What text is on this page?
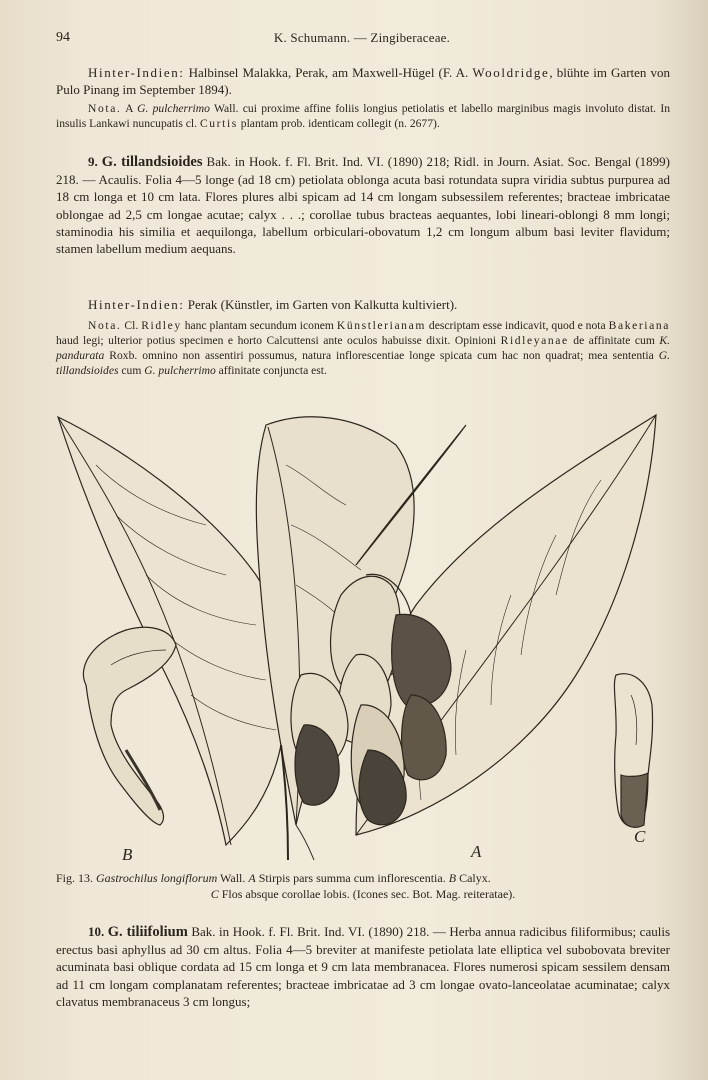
94	K. Schumann. — Zingiberaceae.

Hinter-Indien: Halbinsel Malakka, Perak, am Maxwell-Hügel (F. A. Wooldridge, blühte im Garten von Pulo Pinang im September 1894).

Nota. A G. pulcherrimo Wall. cui proxime affine foliis longius petiolatis et labello marginibus magis involuto distat. In insulis Lankawi nuncupatis cl. Curtis plantam prob. identicam collegit (n. 2677).

9. G. tillandsioides Bak. in Hook. f. Fl. Brit. Ind. VI. (1890) 218; Ridl. in Journ. Asiat. Soc. Bengal (1899) 218. — Acaulis. Folia 4—5 longe (ad 18 cm) petiolata oblonga acuta basi rotundata supra viridia subtus purpurea ad 18 cm longa et 10 cm lata. Flores plures albi spicam ad 14 cm longam subsessilem referentes; bracteae imbricatae oblongae ad 2,5 cm longae acutae; calyx . . .; corollae tubus bracteas aequantes, lobi lineari-oblongi 8 mm longi; staminodia his similia et aequilonga, labellum orbiculari-obovatum 1,2 cm longum album basi leviter flavidum; stamen labellum medium aequans.

Hinter-Indien: Perak (Künstler, im Garten von Kalkutta kultiviert).

Nota. Cl. Ridley hanc plantam secundum iconem Künstlerianam descriptam esse indicavit, quod e nota Bakeriana haud legi; ulterior potius specimen e horto Calcuttensi ante oculos habuisse dixit. Opinioni Ridleyanae de affinitate cum K. pandurata Roxb. omnino non assentiri possumus, natura inflorescentiae longe spicata cum hac non quadrat; mea sententia G. tillandsioides cum G. pulcherrimo affinitate conjuncta est.

B	A
C
Fig. 13. Gastrochilus longiflorum Wall. A Stirpis pars summa cum inflorescentia. B Calyx.
C Flos absque corollae lobis. (Icones sec. Bot. Mag. reiteratae).

10. G. tiliifolium Bak. in Hook. f. Fl. Brit. Ind. VI. (1890) 218. — Herba annua radicibus filiformibus; caulis erectus basi aphyllus ad 30 cm altus. Folia 4—5 breviter at manifeste petiolata late elliptica vel subobovata breviter acuminata basi oblique cordata ad 15 cm longa et 9 cm lata membranacea. Flores numerosi spicam sessilem densam ad 11 cm longam complanatam referentes; bracteae imbricatae ad 3 cm longae ovato-lanceolatae acuminatae; calyx clavatus membranaceus 3 cm longus;
